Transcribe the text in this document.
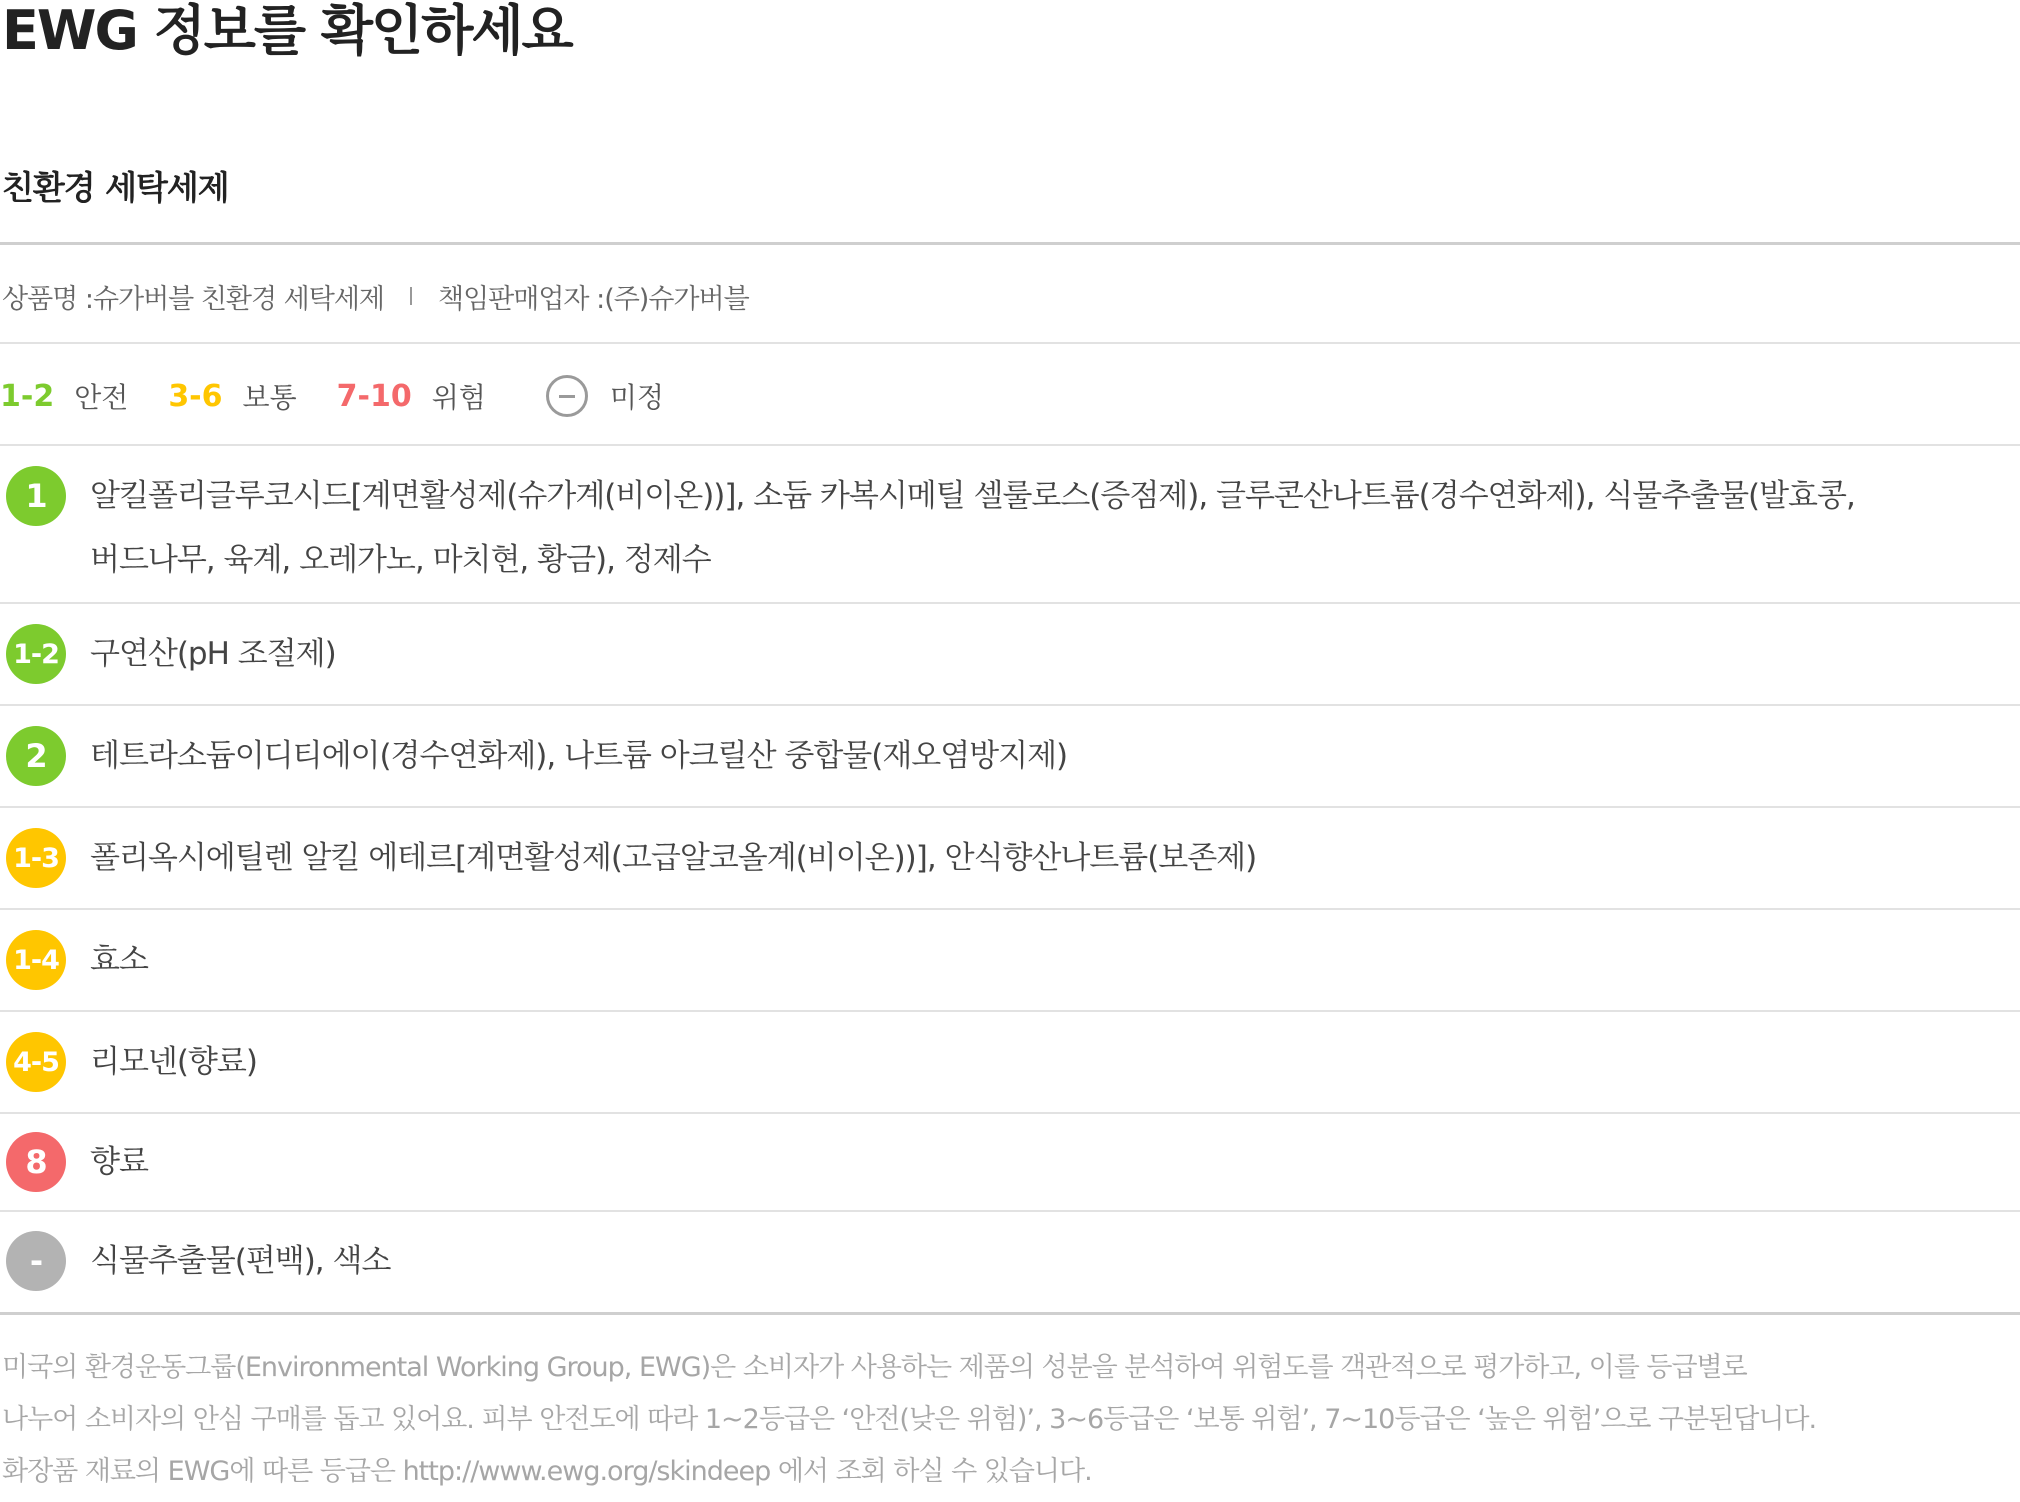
EWG 정보를 확인하세요
친환경 세탁세제
상품명 : 슈가버블 친환경 세탁세제 책임판매업자 : (주)슈가버블
1-2 안전 3-6 보통 7-10 위험	미정
1	알킬폴리글루코시드[계면활성제(슈가계(비이온))], 소듐 카복시메틸 셀룰로스(증점제), 글루콘산나트륨(경수연화제), 식물추출물(발효콩,
버드나무, 육계, 오레가노, 마치현, 황금), 정제수
1-2 구연산(pH 조절제)
2	테트라소듐이디티에이(경수연화제), 나트륨 아크릴산 중합물(재오염방지제)
1-3 폴리옥시에틸렌 알킬 에테르[계면활성제(고급알코올계(비이온))], 안식향산나트륨(보존제)
1-4 효소
4-5 리모넨(향료)
8	향료
-	식물추출물(편백), 색소
미국의 환경운동그룹(Environmental Working Group, EWG)은 소비자가 사용하는 제품의 성분을 분석하여 위험도를 객관적으로 평가하고, 이를 등급별로
나누어 소비자의 안심 구매를 돕고 있어요. 피부 안전도에 따라 1~2등급은 ‘안전(낮은 위험)’, 3~6등급은 ‘보통 위험’, 7~10등급은 ‘높은 위험’으로 구분된답니다.
화장품 재료의 EWG에 따른 등급은 http://www.ewg.org/skindeep 에서 조회 하실 수 있습니다.
